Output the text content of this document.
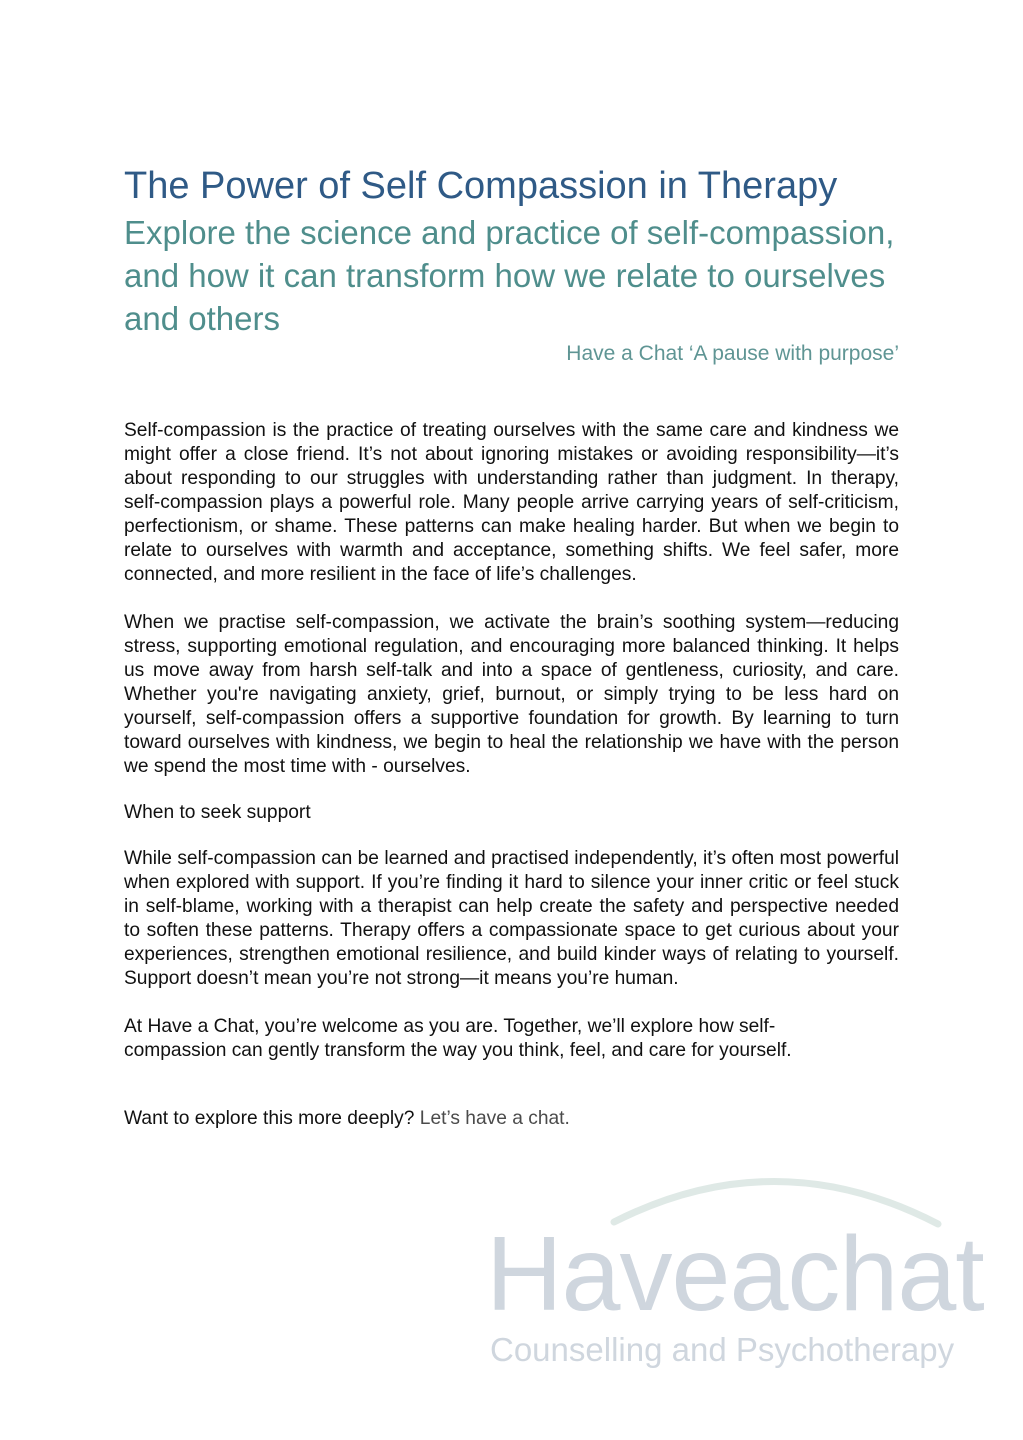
The Power of Self Compassion in Therapy
Explore the science and practice of self-compassion, and how it can transform how we relate to ourselves and others
Have a Chat ‘A pause with purpose’

Self-compassion is the practice of treating ourselves with the same care and kindness we might offer a close friend. It’s not about ignoring mistakes or avoiding responsibility—it’s about responding to our struggles with understanding rather than judgment. In therapy, self-compassion plays a powerful role. Many people arrive carrying years of self-criticism, perfectionism, or shame. These patterns can make healing harder. But when we begin to relate to ourselves with warmth and acceptance, something shifts. We feel safer, more connected, and more resilient in the face of life’s challenges.

When we practise self-compassion, we activate the brain’s soothing system—reducing stress, supporting emotional regulation, and encouraging more balanced thinking. It helps us move away from harsh self-talk and into a space of gentleness, curiosity, and care. Whether you're navigating anxiety, grief, burnout, or simply trying to be less hard on yourself, self-compassion offers a supportive foundation for growth. By learning to turn toward ourselves with kindness, we begin to heal the relationship we have with the person we spend the most time with - ourselves.

When to seek support

While self-compassion can be learned and practised independently, it’s often most powerful when explored with support. If you’re finding it hard to silence your inner critic or feel stuck in self-blame, working with a therapist can help create the safety and perspective needed to soften these patterns. Therapy offers a compassionate space to get curious about your experiences, strengthen emotional resilience, and build kinder ways of relating to yourself. Support doesn’t mean you’re not strong—it means you’re human.

At Have a Chat, you’re welcome as you are. Together, we’ll explore how self-
compassion can gently transform the way you think, feel, and care for yourself.

Want to explore this more deeply? Let’s have a chat.

Haveachat
Counselling and Psychotherapy
